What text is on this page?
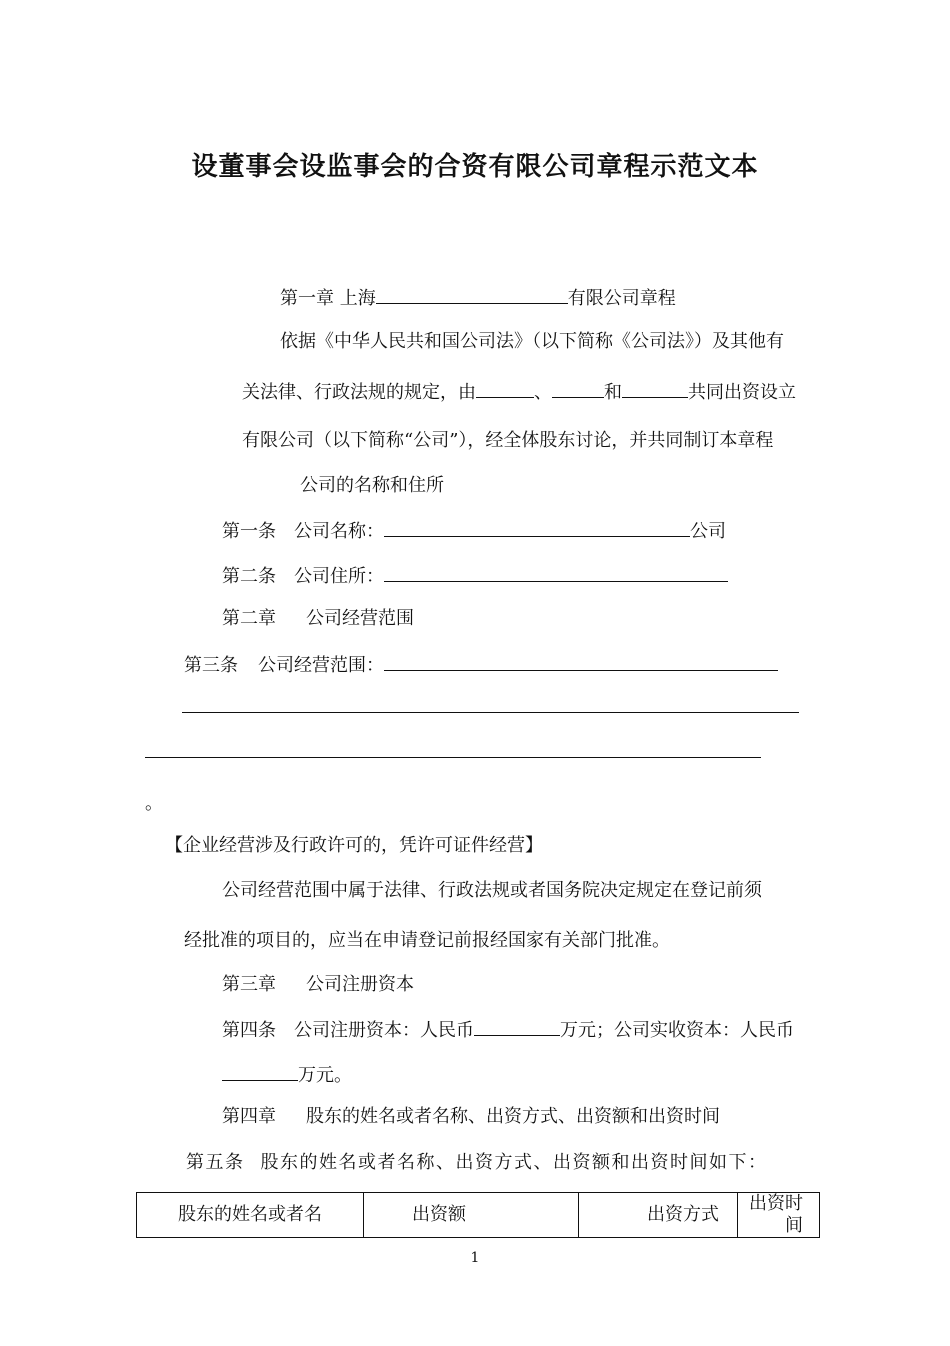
设董事会设监事会的合资有限公司章程示范文本
第一章 上海	有限公司章程
依据《中华人民共和国公司法》（以下简称《公司法》）及其他有
关法律、行政法规的规定，由	、	和	共同出资设立
有限公司（以下简称“公司”），经全体股东讨论，并共同制订本章程
公司的名称和住所
第一条 公司名称：	公司
第二条 公司住所：
第二章 公司经营范围
第三条 公司经营范围：
。
【企业经营涉及行政许可的，凭许可证件经营】
公司经营范围中属于法律、行政法规或者国务院决定规定在登记前须
经批准的项目的，应当在申请登记前报经国家有关部门批准。
第三章 公司注册资本
第四条 公司注册资本：人民币	万元；公司实收资本：人民币
万元。
第四章 股东的姓名或者名称、出资方式、出资额和出资时间
第五条 股东的姓名或者名称、出资方式、出资额和出资时间如下：
股东的姓名或者名	出资额	出资方式	出资时间
1
